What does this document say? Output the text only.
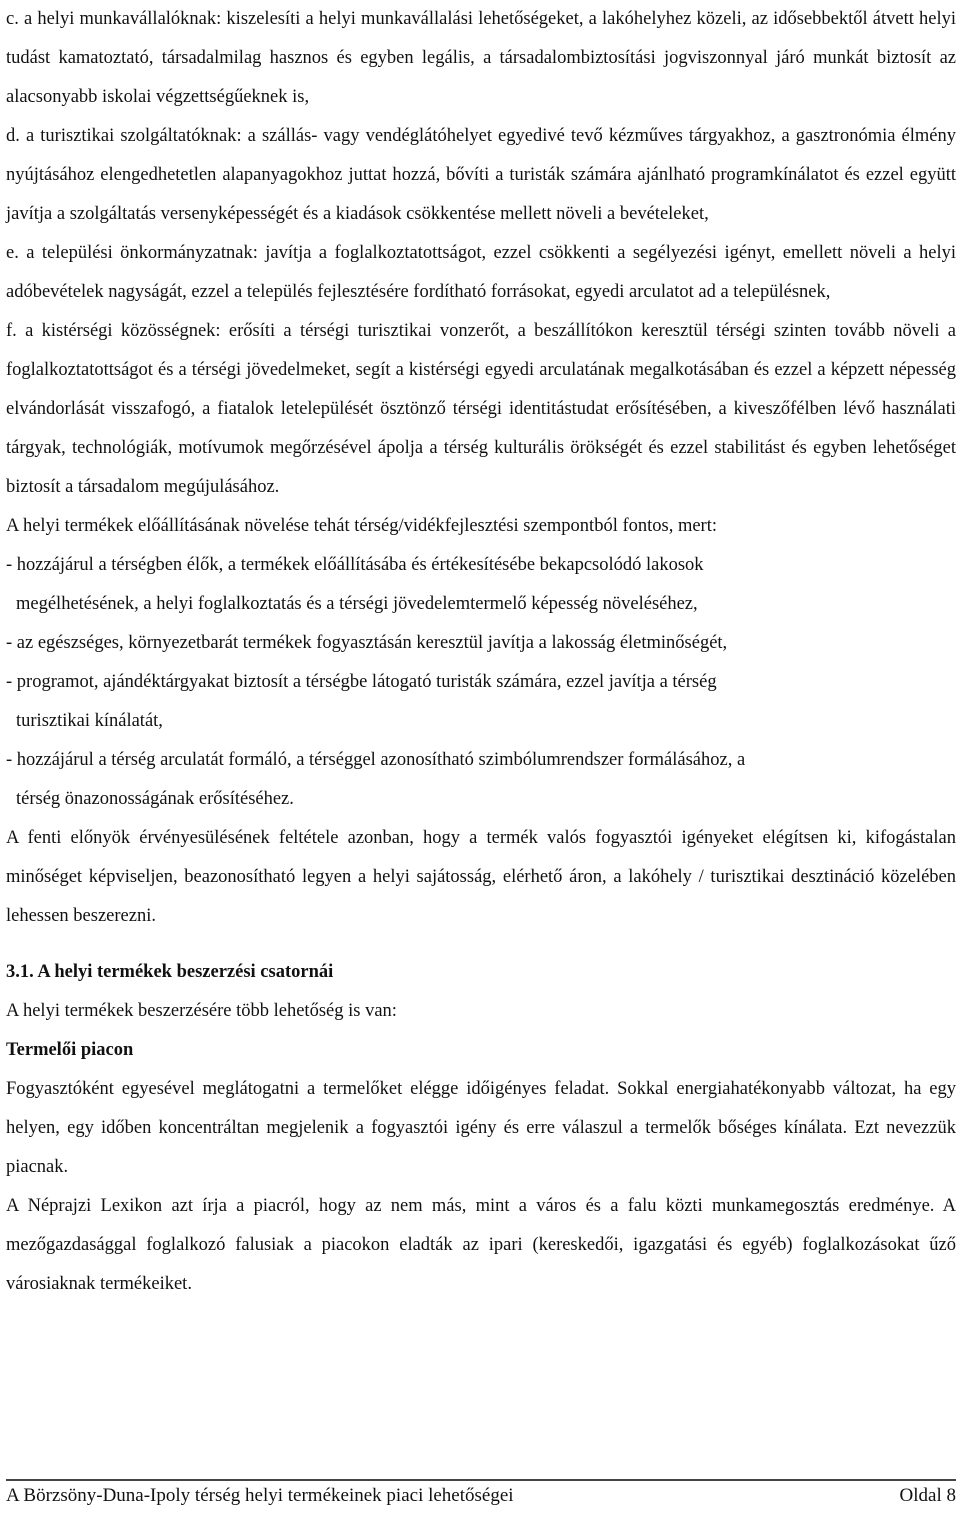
c. a helyi munkavállalóknak: kiszelesíti a helyi munkavállalási lehetőségeket, a lakóhelyhez közeli, az idősebbektől átvett helyi tudást kamatoztató, társadalmilag hasznos és egyben legális, a társadalombiztosítási jogviszonnyal járó munkát biztosít az alacsonyabb iskolai végzettségűeknek is,

d. a turisztikai szolgáltatóknak: a szállás- vagy vendéglátóhelyet egyedivé tevő kézműves tárgyakhoz, a gasztronómia élmény nyújtásához elengedhetetlen alapanyagokhoz juttat hozzá, bővíti a turisták számára ajánlható programkínálatot és ezzel együtt javítja a szolgáltatás versenyképességét és a kiadások csökkentése mellett növeli a bevételeket,

e. a települési önkormányzatnak: javítja a foglalkoztatottságot, ezzel csökkenti a segélyezési igényt, emellett növeli a helyi adóbevételek nagyságát, ezzel a település fejlesztésére fordítható forrásokat, egyedi arculatot ad a településnek,

f. a kistérségi közösségnek: erősíti a térségi turisztikai vonzerőt, a beszállítókon keresztül térségi szinten tovább növeli a foglalkoztatottságot és a térségi jövedelmeket, segít a kistérségi egyedi arculatának megalkotásában és ezzel a képzett népesség elvándorlását visszafogó, a fiatalok letelepülését ösztönző térségi identitástudat erősítésében, a kiveszőfélben lévő használati tárgyak, technológiák, motívumok megőrzésével ápolja a térség kulturális örökségét és ezzel stabilitást és egyben lehetőséget biztosít a társadalom megújulásához.

A helyi termékek előállításának növelése tehát térség/vidékfejlesztési szempontból fontos, mert:

- hozzájárul a térségben élők, a termékek előállításába és értékesítésébe bekapcsolódó lakosok
megélhetésének, a helyi foglalkoztatás és a térségi jövedelemtermelő képesség növeléséhez,
- az egészséges, környezetbarát termékek fogyasztásán keresztül javítja a lakosság életminőségét,
- programot, ajándéktárgyakat biztosít a térségbe látogató turisták számára, ezzel javítja a térség
turisztikai kínálatát,
- hozzájárul a térség arculatát formáló, a térséggel azonosítható szimbólumrendszer formálásához, a
térség önazonosságának erősítéséhez.

A fenti előnyök érvényesülésének feltétele azonban, hogy a termék valós fogyasztói igényeket elégítsen ki, kifogástalan minőséget képviseljen, beazonosítható legyen a helyi sajátosság, elérhető áron, a lakóhely / turisztikai desztináció közelében lehessen beszerezni.

3.1. A helyi termékek beszerzési csatornái

A helyi termékek beszerzésére több lehetőség is van:

Termelői piacon

Fogyasztóként egyesével meglátogatni a termelőket elégge időigényes feladat. Sokkal energiahatékonyabb változat, ha egy helyen, egy időben koncentráltan megjelenik a fogyasztói igény és erre válaszul a termelők bőséges kínálata. Ezt nevezzük piacnak.

A Néprajzi Lexikon azt írja a piacról, hogy az nem más, mint a város és a falu közti munkamegosztás eredménye. A mezőgazdasággal foglalkozó falusiak a piacokon eladták az ipari (kereskedői, igazgatási és egyéb) foglalkozásokat űző városiaknak termékeiket.

A Börzsöny-Duna-Ipoly térség helyi termékeinek piaci lehetőségei	Oldal 8
